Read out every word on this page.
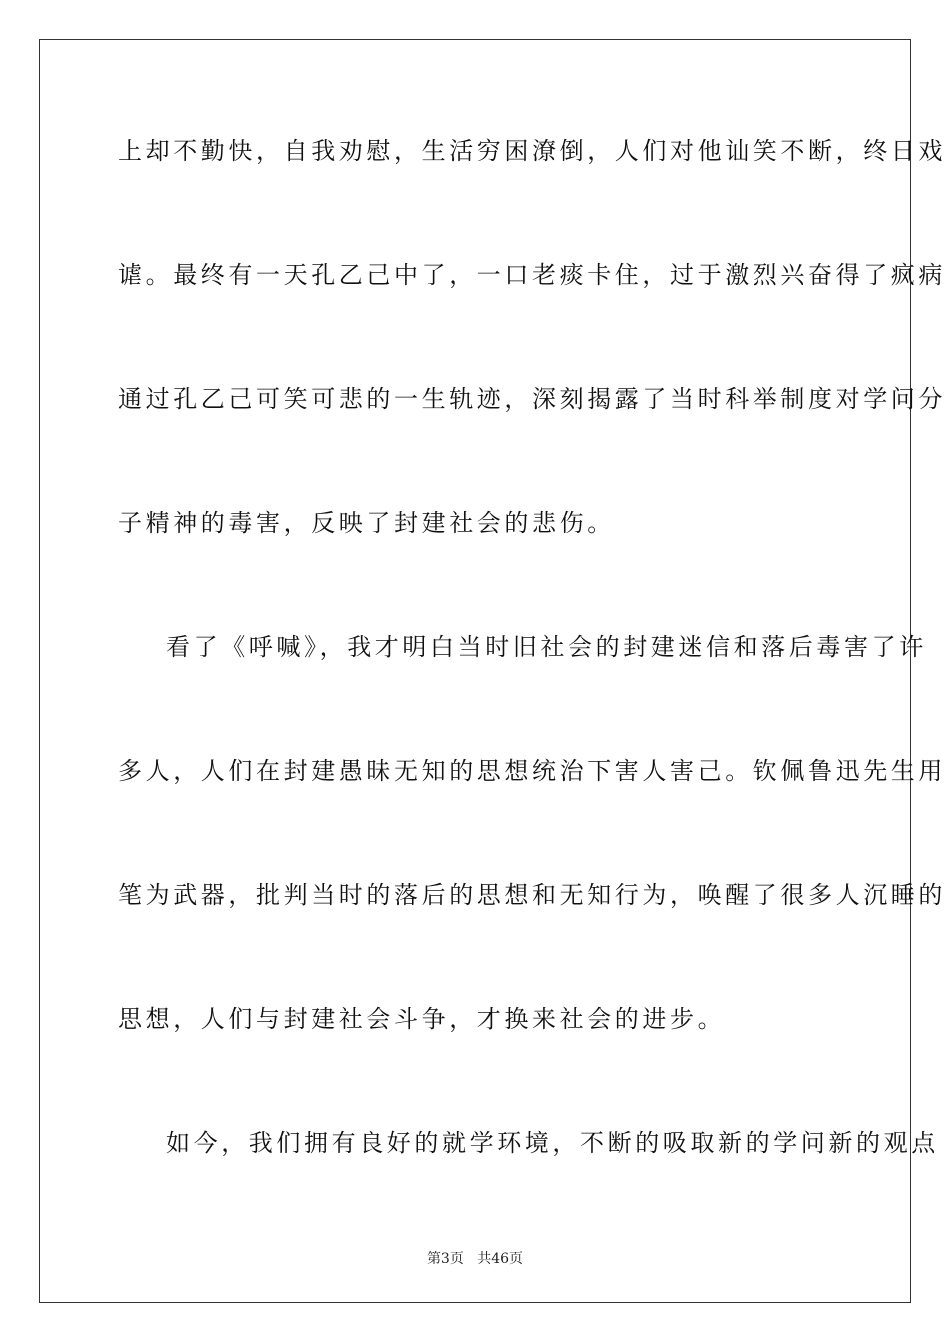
上却不勤快，自我劝慰，生活穷困潦倒，人们对他讪笑不断，终日戏
谑。最终有一天孔乙己中了，一口老痰卡住，过于激烈兴奋得了疯病
通过孔乙己可笑可悲的一生轨迹，深刻揭露了当时科举制度对学问分
子精神的毒害，反映了封建社会的悲伤。
看了《呼喊》，我才明白当时旧社会的封建迷信和落后毒害了许
多人，人们在封建愚昧无知的思想统治下害人害己。钦佩鲁迅先生用
笔为武器，批判当时的落后的思想和无知行为，唤醒了很多人沉睡的
思想，人们与封建社会斗争，才换来社会的进步。
如今，我们拥有良好的就学环境，不断的吸取新的学问新的观点
第3页 共46页
